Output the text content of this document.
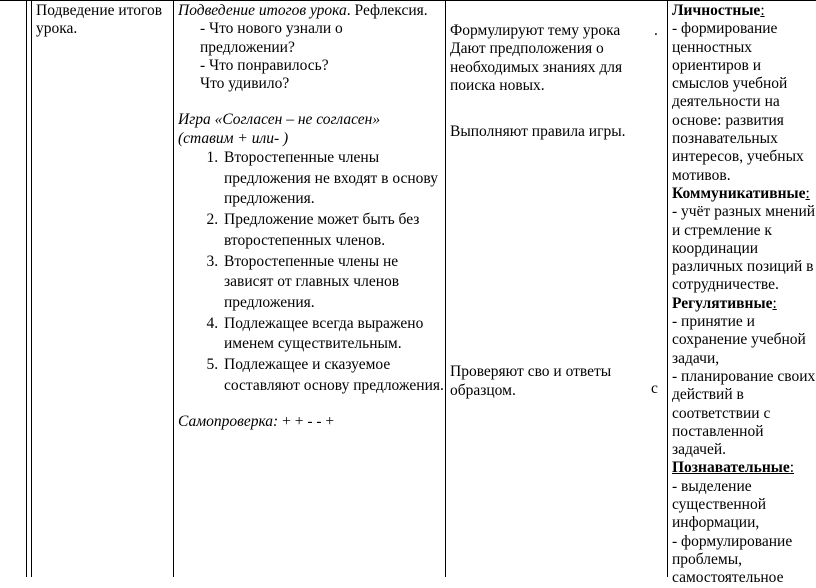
Подведение итогов урока.
Подведение итогов урока. Рефлексия.
- Что нового узнали о
предложении?
- Что понравилось?
Что удивило?
Игра «Согласен – не согласен»
(ставим + или- )
1. Второстепенные члены предложения не входят в основу предложения.
2. Предложение может быть без второстепенных членов.
3. Второстепенные члены не зависят от главных членов предложения.
4. Подлежащее всегда выражено именем существительным.
5. Подлежащее и сказуемое составляют основу предложения.
Самопроверка: + + - - +
Формулируют тему урока
Дают предположения о
необходимых знаниях для
поиска новых.
Выполняют правила игры.
Проверяют сво и ответы
образцом.
.
с
Личностные:
- формирование ценностных ориентиров и смыслов учебной деятельности на основе: развития познавательных интересов, учебных мотивов.
Коммуникативные:
- учёт разных мнений и стремление к координации различных позиций в сотрудничестве.
Регулятивные:
- принятие и сохранение учебной задачи,
- планирование своих действий в соответствии с поставленной задачей.
Познавательные:
- выделение существенной информации,
- формулирование проблемы, самостоятельное
